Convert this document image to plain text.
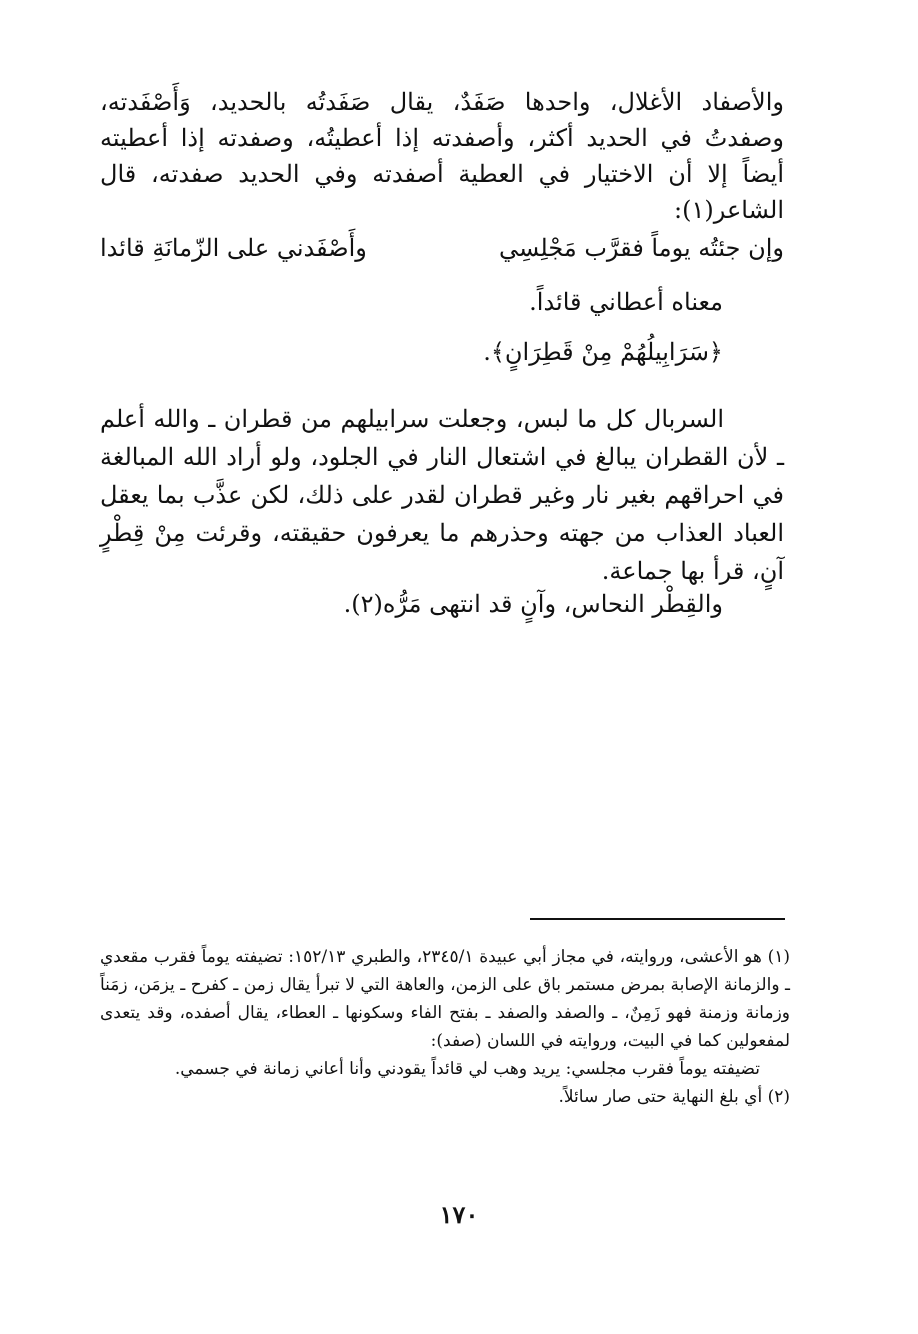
والأصفاد الأغلال، واحدها صَفَدٌ، يقال صَفَدتُه بالحديد، وَأَصْفَدته، وصفدتُ في الحديد أكثر، وأصفدته إذا أعطيتُه، وصفدته إذا أعطيته أيضاً إلا أن الاختيار في العطية أصفدته وفي الحديد صفدته، قال الشاعر(١):

وإن جئتُه يوماً فقرَّب مَجْلِسِي
وأَصْفَدني على الزّمانَةِ قائدا

معناه أعطاني قائداً.

﴿سَرَابِيلُهُمْ مِنْ قَطِرَانٍ﴾.

السربال كل ما لبس، وجعلت سرابيلهم من قطران ـ والله أعلم ـ لأن القطران يبالغ في اشتعال النار في الجلود، ولو أراد الله المبالغة في احراقهم بغير نار وغير قطران لقدر على ذلك، لكن عذَّب بما يعقل العباد العذاب من جهته وحذرهم ما يعرفون حقيقته، وقرئت مِنْ قِطْرٍ آنٍ، قرأ بها جماعة.

والقِطْر النحاس، وآنٍ قد انتهى مَرُّه(٢).

(١) هو الأعشى، وروايته، في مجاز أبي عبيدة ٢٣٤٥/١، والطبري ١٥٢/١٣: تضيفته يوماً فقرب مقعدي ـ والزمانة الإصابة بمرض مستمر باق على الزمن، والعاهة التي لا تبرأ يقال زمن ـ كفرح ـ يزمَن، زمَناً وزمانة وزمنة فهو زَمِنٌ، ـ والصفد والصفد ـ بفتح الفاء وسكونها ـ العطاء، يقال أصفده، وقد يتعدى لمفعولين كما في البيت، وروايته في اللسان (صفد):

تضيفته يوماً فقرب مجلسي: يريد وهب لي قائداً يقودني وأنا أعاني زمانة في جسمي.

(٢) أي بلغ النهاية حتى صار سائلاً.

١٧٠
